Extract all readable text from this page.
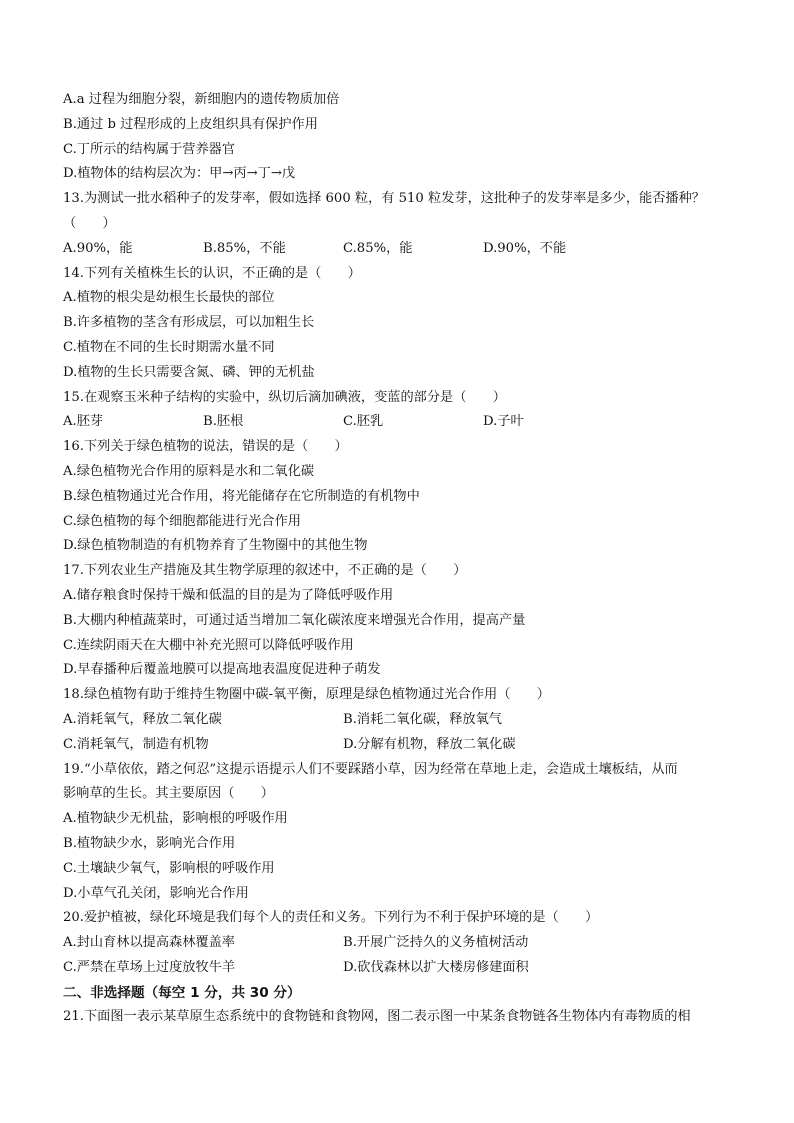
A.a 过程为细胞分裂，新细胞内的遗传物质加倍
B.通过 b 过程形成的上皮组织具有保护作用
C.丁所示的结构属于营养器官
D.植物体的结构层次为：甲→丙→丁→戊
13.为测试一批水稻种子的发芽率，假如选择 600 粒，有 510 粒发芽，这批种子的发芽率是多少，能否播种？
（　　）
A.90%，能	B.85%，不能	C.85%，能	D.90%，不能
14.下列有关植株生长的认识，不正确的是（　　）
A.植物的根尖是幼根生长最快的部位
B.许多植物的茎含有形成层，可以加粗生长
C.植物在不同的生长时期需水量不同
D.植物的生长只需要含氮、磷、钾的无机盐
15.在观察玉米种子结构的实验中，纵切后滴加碘液，变蓝的部分是（　　）
A.胚芽	B.胚根	C.胚乳	D.子叶
16.下列关于绿色植物的说法，错误的是（　　）
A.绿色植物光合作用的原料是水和二氧化碳
B.绿色植物通过光合作用，将光能储存在它所制造的有机物中
C.绿色植物的每个细胞都能进行光合作用
D.绿色植物制造的有机物养育了生物圈中的其他生物
17.下列农业生产措施及其生物学原理的叙述中，不正确的是（　　）
A.储存粮食时保持干燥和低温的目的是为了降低呼吸作用
B.大棚内种植蔬菜时，可通过适当增加二氧化碳浓度来增强光合作用，提高产量
C.连续阴雨天在大棚中补充光照可以降低呼吸作用
D.早春播种后覆盖地膜可以提高地表温度促进种子萌发
18.绿色植物有助于维持生物圈中碳-氧平衡，原理是绿色植物通过光合作用（　　）
A.消耗氧气，释放二氧化碳	B.消耗二氧化碳，释放氧气
C.消耗氧气，制造有机物	D.分解有机物，释放二氧化碳
19.“小草依依，踏之何忍”这提示语提示人们不要踩踏小草，因为经常在草地上走，会造成土壤板结，从而
影响草的生长。其主要原因（　　）
A.植物缺少无机盐，影响根的呼吸作用
B.植物缺少水，影响光合作用
C.土壤缺少氧气，影响根的呼吸作用
D.小草气孔关闭，影响光合作用
20.爱护植被，绿化环境是我们每个人的责任和义务。下列行为不利于保护环境的是（　　）
A.封山育林以提高森林覆盖率	B.开展广泛持久的义务植树活动
C.严禁在草场上过度放牧牛羊	D.砍伐森林以扩大楼房修建面积
二、非选择题（每空 1 分，共 30 分）
21.下面图一表示某草原生态系统中的食物链和食物网，图二表示图一中某条食物链各生物体内有毒物质的相
